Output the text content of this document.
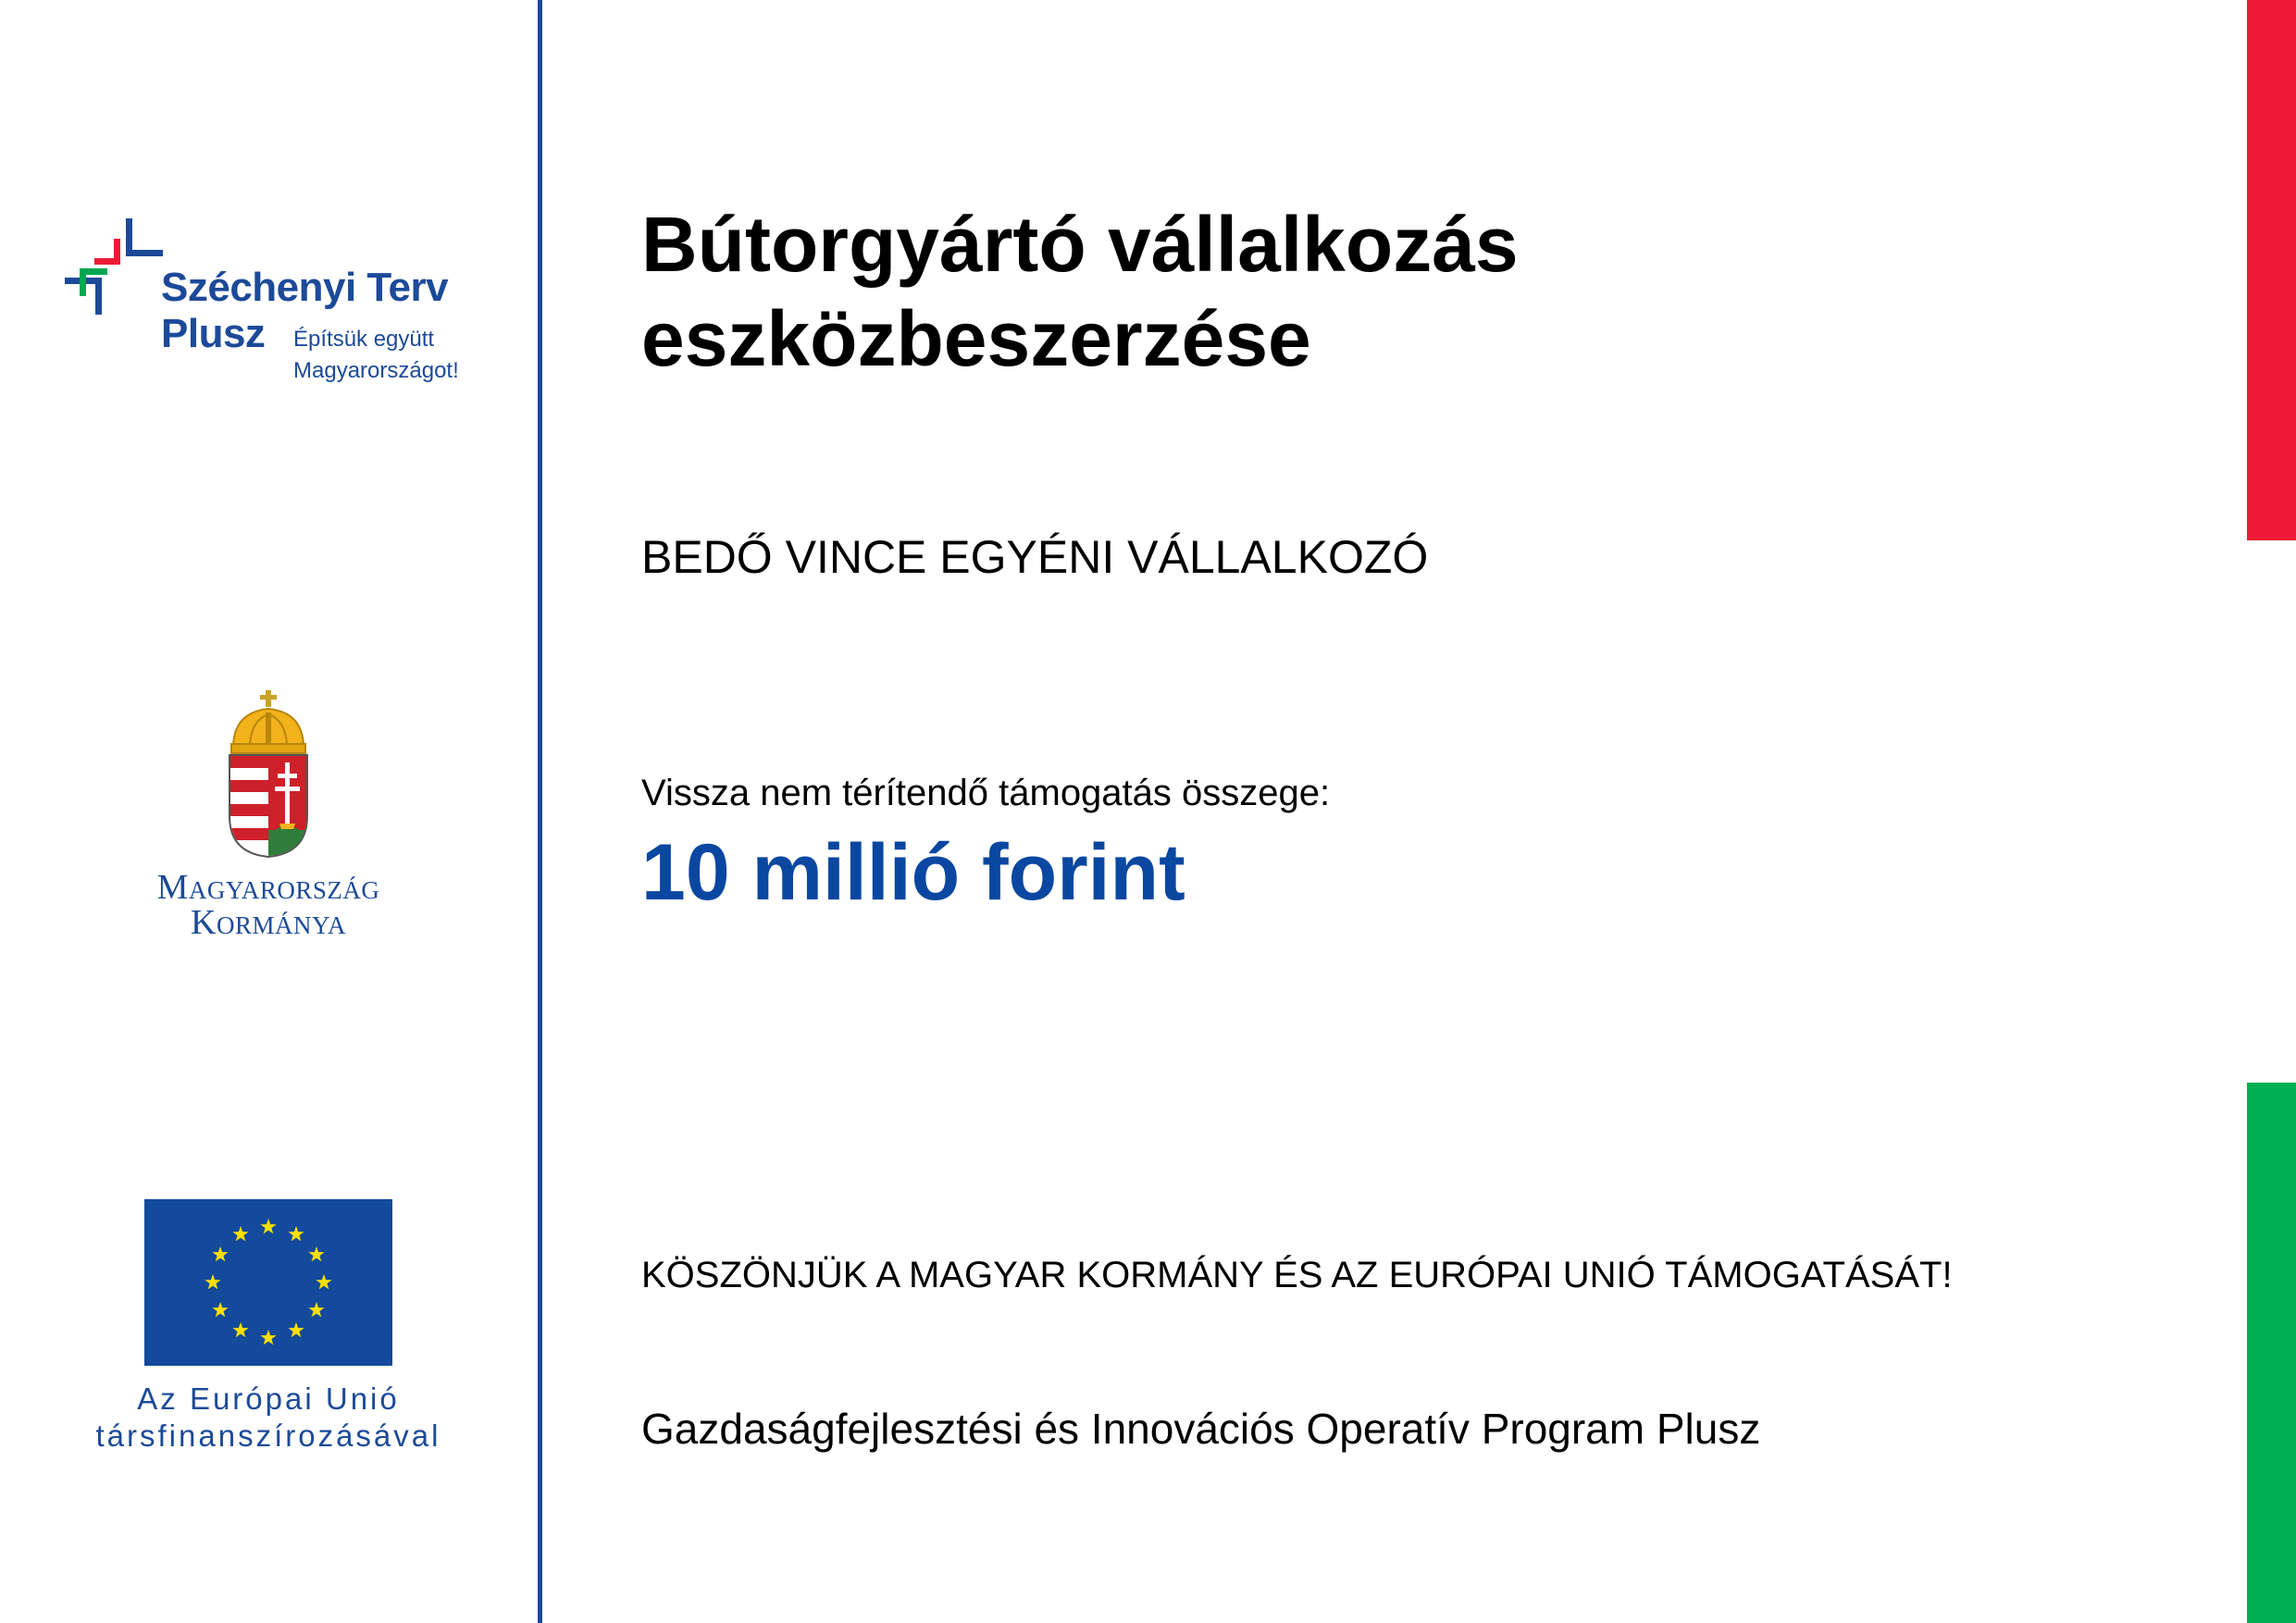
Széchenyi Terv
Plusz	Építsük együtt
Magyarországot!
Magyarország
Kormánya
Az Európai Unió
társfinanszírozásával
Bútorgyártó vállalkozás
eszközbeszerzése
BEDŐ VINCE EGYÉNI VÁLLALKOZÓ
Vissza nem térítendő támogatás összege:
10 millió forint
KÖSZÖNJÜK A MAGYAR KORMÁNY ÉS AZ EURÓPAI UNIÓ TÁMOGATÁSÁT!
Gazdaságfejlesztési és Innovációs Operatív Program Plusz
